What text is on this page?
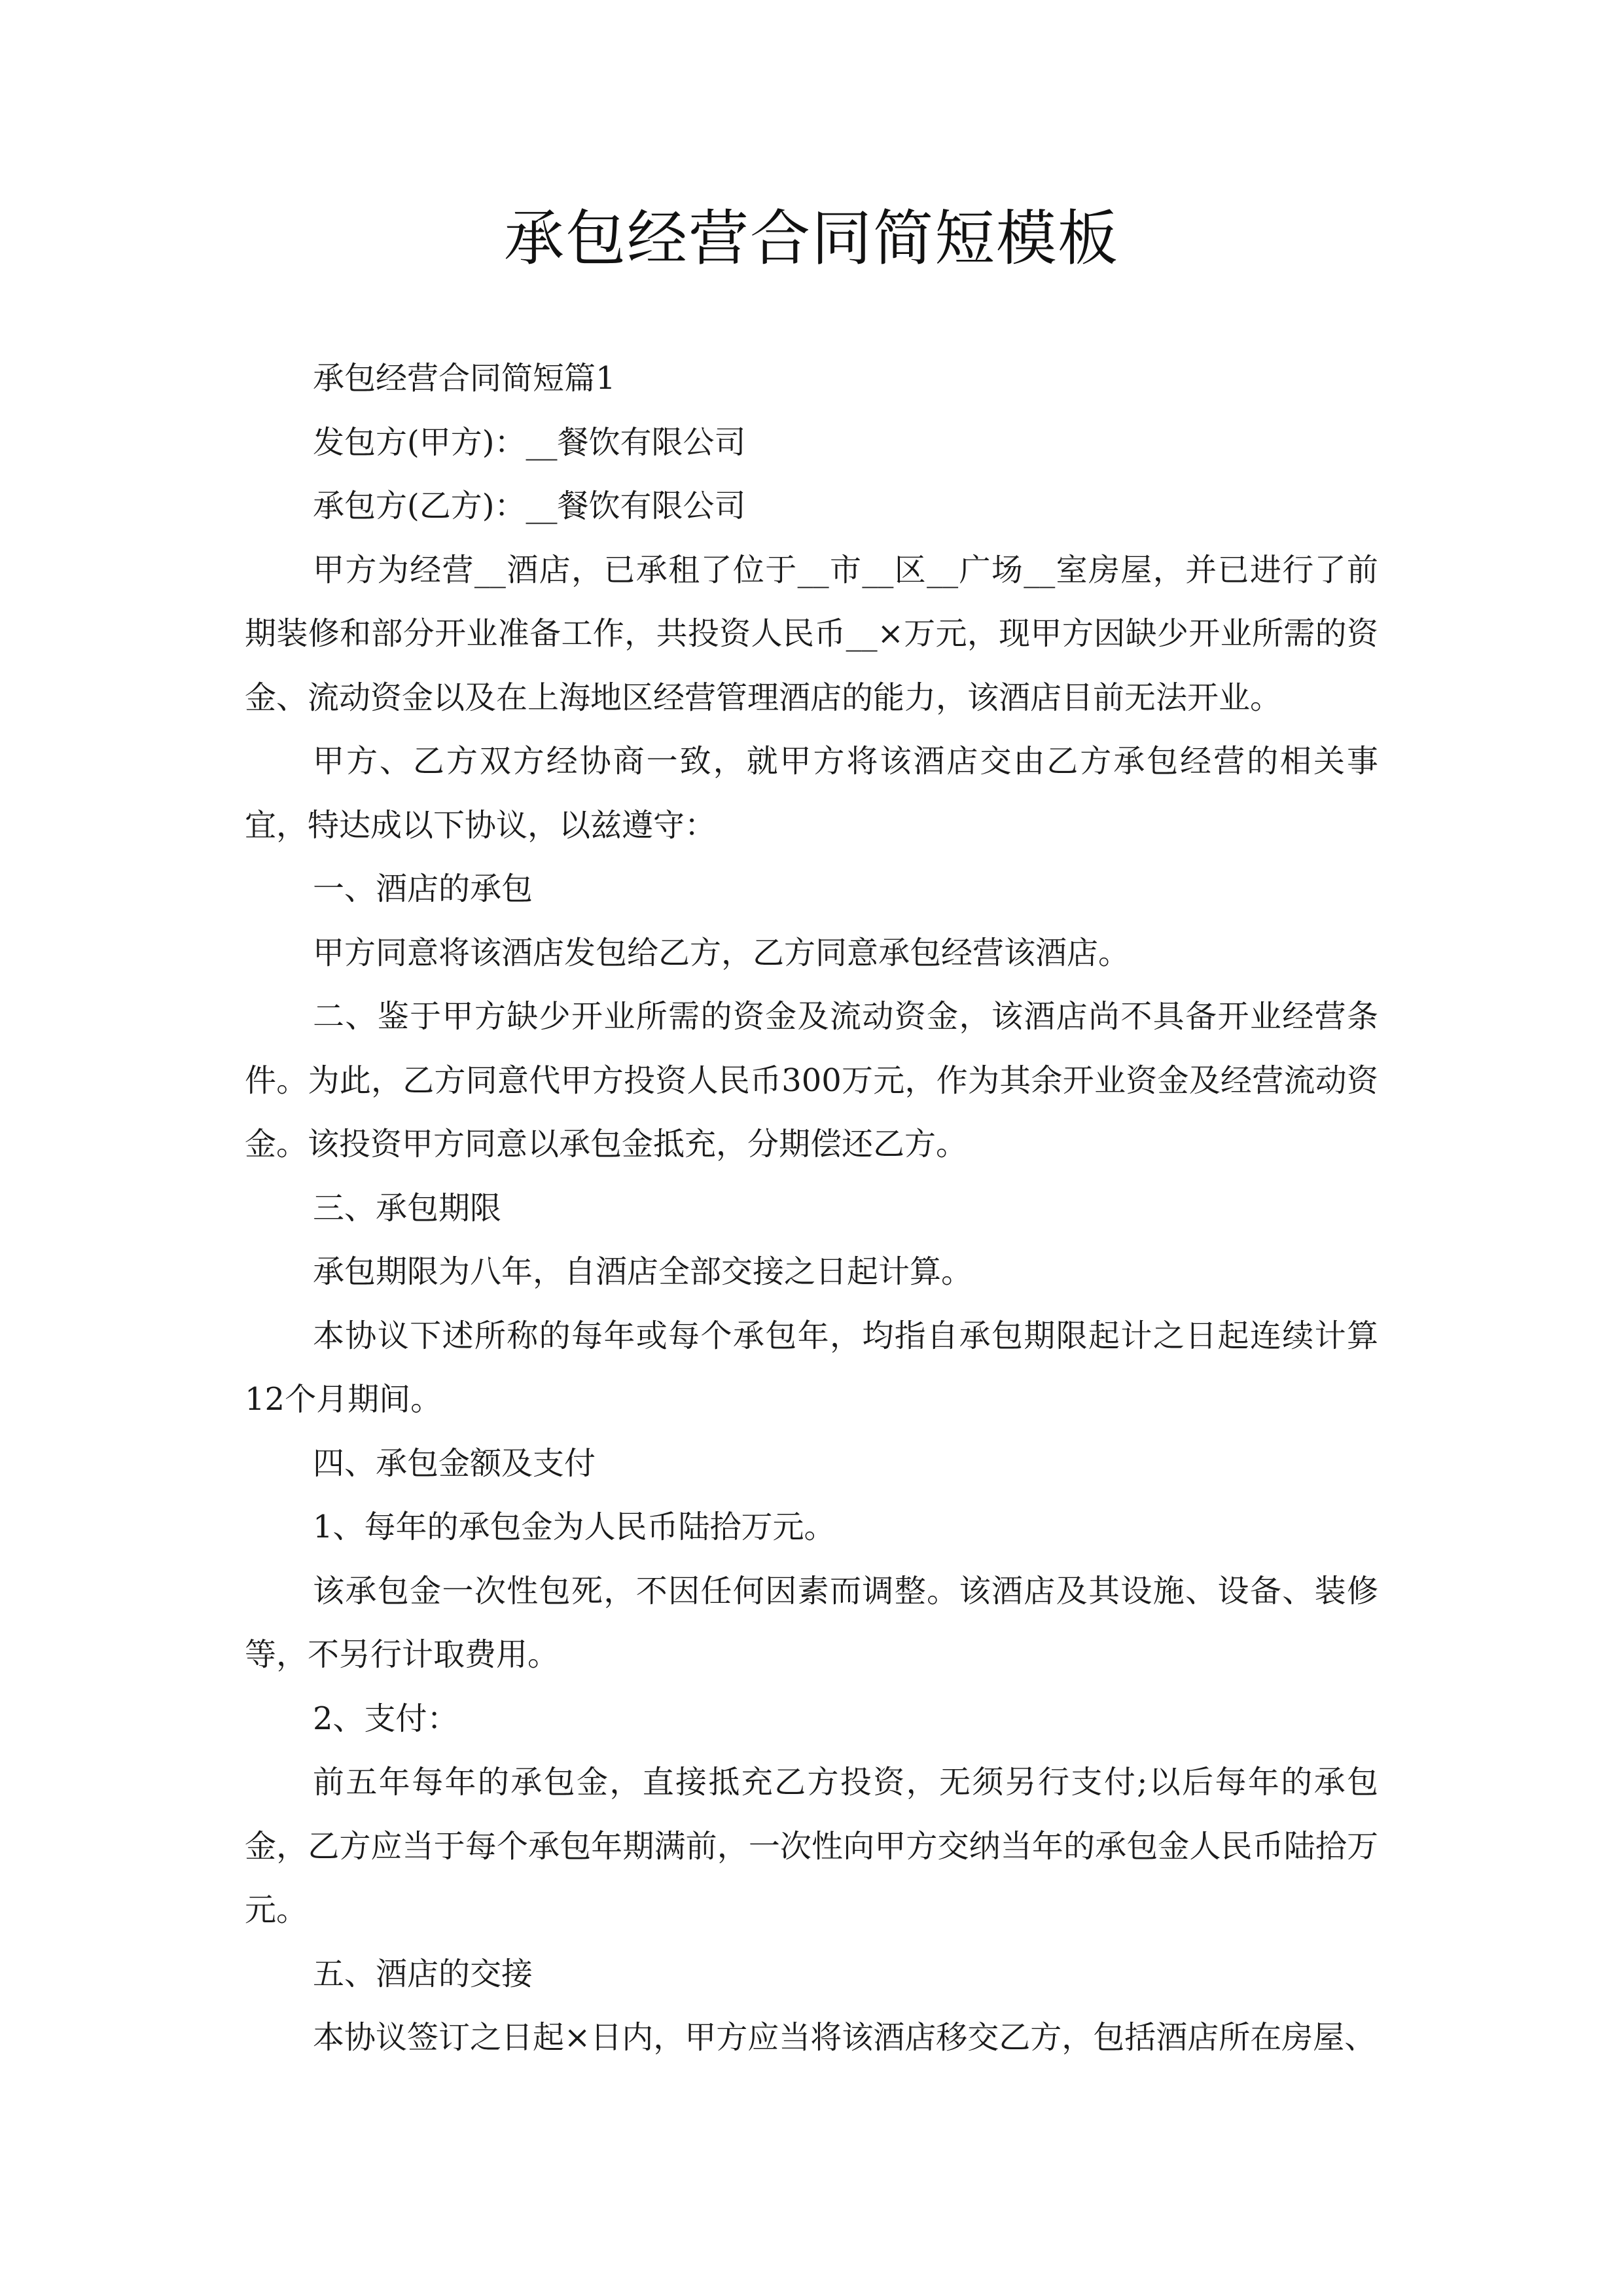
承包经营合同简短模板

承包经营合同简短篇1

发包方(甲方)：__餐饮有限公司

承包方(乙方)：__餐饮有限公司

甲方为经营__酒店，已承租了位于__市__区__广场__室房屋，并已进行了前期装修和部分开业准备工作，共投资人民币__×万元，现甲方因缺少开业所需的资金、流动资金以及在上海地区经营管理酒店的能力，该酒店目前无法开业。

甲方、乙方双方经协商一致，就甲方将该酒店交由乙方承包经营的相关事宜，特达成以下协议，以兹遵守：

一、酒店的承包

甲方同意将该酒店发包给乙方，乙方同意承包经营该酒店。

二、鉴于甲方缺少开业所需的资金及流动资金，该酒店尚不具备开业经营条件。为此，乙方同意代甲方投资人民币300万元，作为其余开业资金及经营流动资金。该投资甲方同意以承包金抵充，分期偿还乙方。

三、承包期限

承包期限为八年，自酒店全部交接之日起计算。

本协议下述所称的每年或每个承包年，均指自承包期限起计之日起连续计算12个月期间。

四、承包金额及支付

1、每年的承包金为人民币陆拾万元。

该承包金一次性包死，不因任何因素而调整。该酒店及其设施、设备、装修等，不另行计取费用。

2、支付：

前五年每年的承包金，直接抵充乙方投资，无须另行支付;以后每年的承包金，乙方应当于每个承包年期满前，一次性向甲方交纳当年的承包金人民币陆拾万元。

五、酒店的交接

本协议签订之日起×日内，甲方应当将该酒店移交乙方，包括酒店所在房屋、
